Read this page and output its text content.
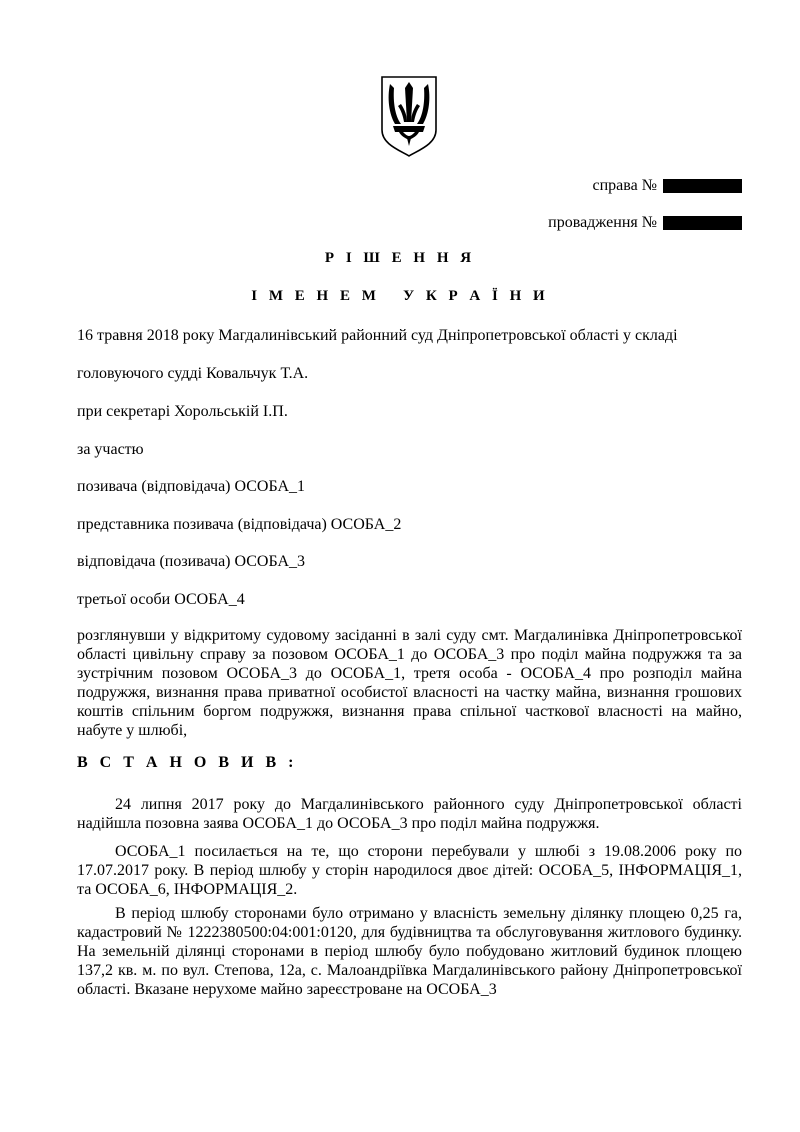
справа №
провадження №
Р І Ш Е Н Н Я
І М Е Н Е М   У К Р А Ї Н И
16 травня 2018 року Магдалинівський районний суд Дніпропетровської області у складі
головуючого судді Ковальчук Т.А.
при секретарі Хорольській І.П.
за участю
позивача (відповідача) ОСОБА_1
представника позивача (відповідача) ОСОБА_2
відповідача (позивача) ОСОБА_3
третьої особи ОСОБА_4
розглянувши у відкритому судовому засіданні в залі суду смт. Магдалинівка Дніпропетровської області цивільну справу за позовом ОСОБА_1 до ОСОБА_3 про поділ майна подружжя та за зустрічним позовом ОСОБА_3 до ОСОБА_1, третя особа - ОСОБА_4 про розподіл майна подружжя, визнання права приватної особистої власності на частку майна, визнання грошових коштів спільним боргом подружжя, визнання права спільної часткової власності на майно, набуте у шлюбі,
В С Т А Н О В И В :
24 липня 2017 року до Магдалинівського районного суду Дніпропетровської області надійшла позовна заява ОСОБА_1 до ОСОБА_3 про поділ майна подружжя.
ОСОБА_1 посилається на те, що сторони перебували у шлюбі з 19.08.2006 року по 17.07.2017 року. В період шлюбу у сторін народилося двоє дітей: ОСОБА_5, ІНФОРМАЦІЯ_1, та ОСОБА_6, ІНФОРМАЦІЯ_2.
В період шлюбу сторонами було отримано у власність земельну ділянку площею 0,25 га, кадастровий № 1222380500:04:001:0120, для будівництва та обслуговування житлового будинку. На земельній ділянці сторонами в період шлюбу було побудовано житловий будинок площею 137,2 кв. м. по вул. Степова, 12а, с. Малоандріївка Магдалинівського району Дніпропетровської області. Вказане нерухоме майно зареєстроване на ОСОБА_3
